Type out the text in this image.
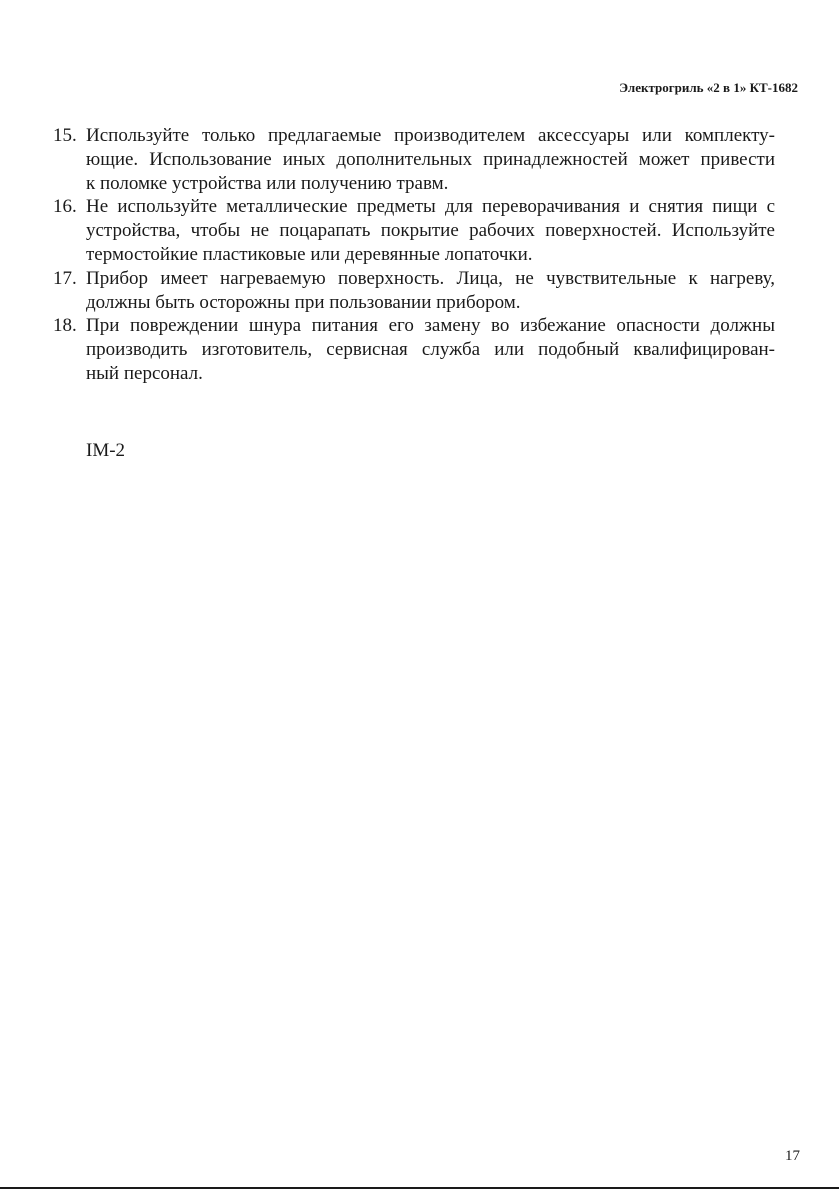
Электрогриль «2 в 1» КТ-1682
15. Используйте только предлагаемые производителем аксессуары или комплекту-
ющие. Использование иных дополнительных принадлежностей может привести
к поломке устройства или получению травм.
16. Не используйте металлические предметы для переворачивания и снятия пищи с
устройства, чтобы не поцарапать покрытие рабочих поверхностей. Используйте
термостойкие пластиковые или деревянные лопаточки.
17. Прибор имеет нагреваемую поверхность. Лица, не чувствительные к нагреву,
должны быть осторожны при пользовании прибором.
18. При повреждении шнура питания его замену во избежание опасности должны
производить изготовитель, сервисная служба или подобный квалифицирован-
ный персонал.
IM-2
17
